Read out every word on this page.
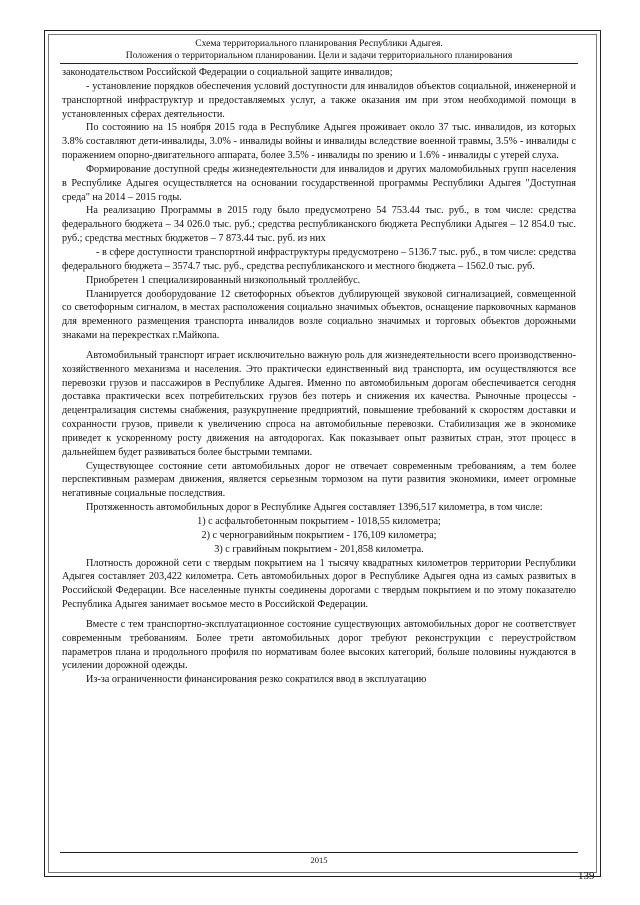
Схема территориального планирования Республики Адыгея.
Положения о территориальном планировании. Цели и задачи территориального планирования

законодательством Российской Федерации о социальной защите инвалидов;

- установление порядков обеспечения условий доступности для инвалидов объектов социальной, инженерной и транспортной инфраструктур и предоставляемых услуг, а также оказания им при этом необходимой помощи в установленных сферах деятельности.

По состоянию на 15 ноября 2015 года в Республике Адыгея проживает около 37 тыс. инвалидов, из которых 3.8% составляют дети-инвалиды, 3.0% - инвалиды войны и инвалиды вследствие военной травмы, 3.5% - инвалиды с поражением опорно-двигательного аппарата, более 3.5% - инвалиды по зрению и 1.6% - инвалиды с утерей слуха.

Формирование доступной среды жизнедеятельности для инвалидов и других маломобильных групп населения в Республике Адыгея осуществляется на основании государственной программы Республики Адыгея "Доступная среда" на 2014 – 2015 годы.

На реализацию Программы в 2015 году было предусмотрено 54 753.44 тыс. руб., в том числе: средства федерального бюджета – 34 026.0 тыс. руб.; средства республиканского бюджета Республики Адыгея – 12 854.0 тыс. руб.; средства местных бюджетов – 7 873.44 тыс. руб. из них

- в сфере доступности транспортной инфраструктуры предусмотрено – 5136.7 тыс. руб., в том числе: средства федерального бюджета – 3574.7 тыс. руб., средства республиканского и местного бюджета – 1562.0 тыс. руб.

Приобретен 1 специализированный низкопольный троллейбус.

Планируется дооборудование 12 светофорных объектов дублирующей звуковой сигнализацией, совмещенной со светофорным сигналом, в местах расположения социально значимых объектов, оснащение парковочных карманов для временного размещения транспорта инвалидов возле социально значимых и торговых объектов дорожными знаками на перекрестках г.Майкопа.

Автомобильный транспорт играет исключительно важную роль для жизнедеятельности всего производственно-хозяйственного механизма и населения. Это практически единственный вид транспорта, им осуществляются все перевозки грузов и пассажиров в Республике Адыгея. Именно по автомобильным дорогам обеспечивается сегодня доставка практически всех потребительских грузов без потерь и снижения их качества. Рыночные процессы - децентрализация системы снабжения, разукрупнение предприятий, повышение требований к скоростям доставки и сохранности грузов, привели к увеличению спроса на автомобильные перевозки. Стабилизация же в экономике приведет к ускоренному росту движения на автодорогах. Как показывает опыт развитых стран, этот процесс в дальнейшем будет развиваться более быстрыми темпами.

Существующее состояние сети автомобильных дорог не отвечает современным требованиям, а тем более перспективным размерам движения, является серьезным тормозом на пути развития экономики, имеет огромные негативные социальные последствия.

Протяженность автомобильных дорог в Республике Адыгея составляет 1396,517 километра, в том числе:

1) с асфальтобетонным покрытием - 1018,55 километра;
2) с черногравийным покрытием - 176,109 километра;
3) с гравийным покрытием - 201,858 километра.

Плотность дорожной сети с твердым покрытием на 1 тысячу квадратных километров территории Республики Адыгея составляет 203,422 километра. Сеть автомобильных дорог в Республике Адыгея одна из самых развитых в Российской Федерации. Все населенные пункты соединены дорогами с твердым покрытием и по этому показателю Республика Адыгея занимает восьмое место в Российской Федерации.

Вместе с тем транспортно-эксплуатационное состояние существующих автомобильных дорог не соответствует современным требованиям. Более трети автомобильных дорог требуют реконструкции с переустройством параметров плана и продольного профиля по нормативам более высоких категорий, больше половины нуждаются в усилении дорожной одежды.

Из-за ограниченности финансирования резко сократился ввод в эксплуатацию

2015
139
